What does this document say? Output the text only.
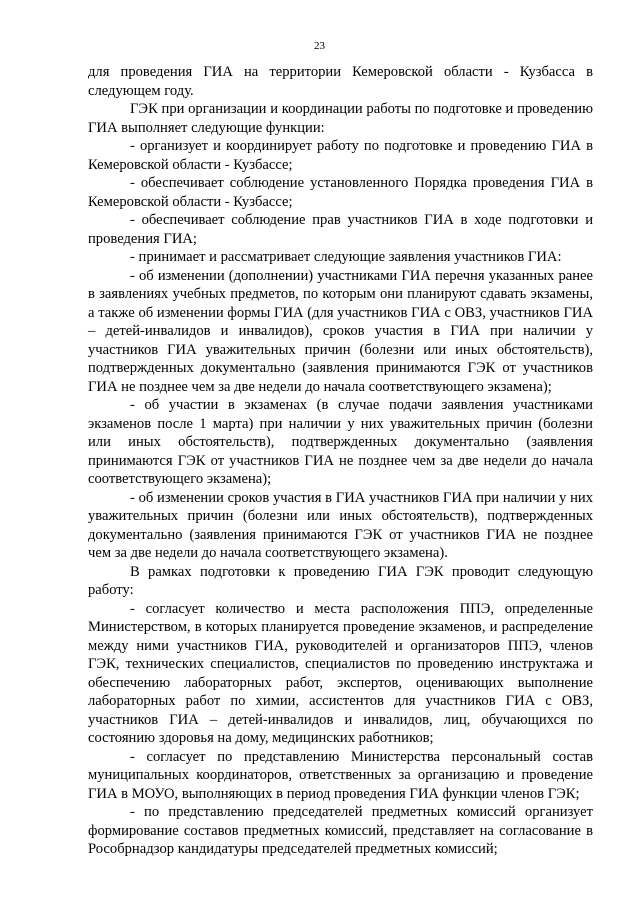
23

для проведения ГИА на территории Кемеровской области - Кузбасса в следующем году.

ГЭК при организации и координации работы по подготовке и проведению ГИА выполняет следующие функции:

- организует и координирует работу по подготовке и проведению ГИА в Кемеровской области - Кузбассе;

- обеспечивает соблюдение установленного Порядка проведения ГИА в Кемеровской области - Кузбассе;

- обеспечивает соблюдение прав участников ГИА в ходе подготовки и проведения ГИА;

- принимает и рассматривает следующие заявления участников ГИА:

- об изменении (дополнении) участниками ГИА перечня указанных ранее в заявлениях учебных предметов, по которым они планируют сдавать экзамены, а также об изменении формы ГИА (для участников ГИА с ОВЗ, участников ГИА – детей-инвалидов и инвалидов), сроков участия в ГИА при наличии у участников ГИА уважительных причин (болезни или иных обстоятельств), подтвержденных документально (заявления принимаются ГЭК от участников ГИА не позднее чем за две недели до начала соответствующего экзамена);

- об участии в экзаменах (в случае подачи заявления участниками экзаменов после 1 марта) при наличии у них уважительных причин (болезни или иных обстоятельств), подтвержденных документально (заявления принимаются ГЭК от участников ГИА не позднее чем за две недели до начала соответствующего экзамена);

- об изменении сроков участия в ГИА участников ГИА при наличии у них уважительных причин (болезни или иных обстоятельств), подтвержденных документально (заявления принимаются ГЭК от участников ГИА не позднее чем за две недели до начала соответствующего экзамена).

В рамках подготовки к проведению ГИА ГЭК проводит следующую работу:

- согласует количество и места расположения ППЭ, определенные Министерством, в которых планируется проведение экзаменов, и распределение между ними участников ГИА, руководителей и организаторов ППЭ, членов ГЭК, технических специалистов, специалистов по проведению инструктажа и обеспечению лабораторных работ, экспертов, оценивающих выполнение лабораторных работ по химии, ассистентов для участников ГИА с ОВЗ, участников ГИА – детей-инвалидов и инвалидов, лиц, обучающихся по состоянию здоровья на дому, медицинских работников;

- согласует по представлению Министерства персональный состав муниципальных координаторов, ответственных за организацию и проведение ГИА в МОУО, выполняющих в период проведения ГИА функции членов ГЭК;

- по представлению председателей предметных комиссий организует формирование составов предметных комиссий, представляет на согласование в Рособрнадзор кандидатуры председателей предметных комиссий;
